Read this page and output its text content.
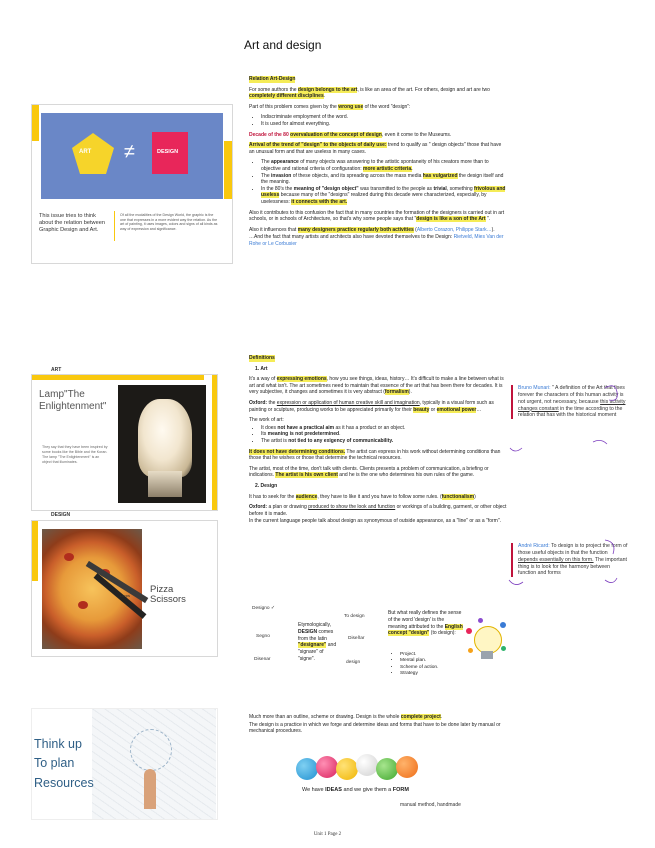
Art and design
ART ≠	DESIGN
This issue tries to think about the relation between Graphic Design and Art.
Of all the modalities of the Design World, the graphic is the one that expresses in a more evident way the relation. As the art of painting, it uses images, colors and signs of all kinds as way of expression and significance.

Relation Art-Design

For some authors the design belongs to the art, is like an area of the art. For others, design and art are two completely different disciplines.

Part of this problem comes given by the wrong use of the word "design":

• Indiscriminate employment of the word.
• It is used for almost everything.

Decade of the 80 overvaluation of the concept of design, even it come to the Museums.

Arrival of the trend of "design" to the objects of daily use: trend to qualify as " design objects" those that have an unusual form and that are useless in many cases.

• The appearance of many objects was answering to the artistic spontaneity of his creators more than to objective and rational criteria of configuration: more artistic criteria.
• The invasion of these objects, and its spreading across the mass media has vulgarized the design itself and the meaning.
• In the 80's the meaning of "design object" was transmitted to the people as trivial, something frivolous and useless because many of the "designs" realized during this decade were characterized, especially, by uselessness: it connects with the art.

Also it contributes to this confusion the fact that in many countries the formation of the designers is carried out in art schools, or in schools of Architecture, so that's why some people says that "design is like a son of the Art ".

Also it influences that many designers practice regularly both activities (Alberto Corazon, Philippe Stark…).

…And the fact that many artists and architects also have devoted themselves to the Design: Rietveld, Mies Van der Rohe or Le Corbusier

ART
Lamp"The Enlightenment"
They say that they have been inspired by some books like the Bible and the Koran. The lamp "The Enlightenment" is an object that illuminates.
DESIGN
Lerps
Pizza Scissors

Definitions

1. Art

It's a way of expressing emotions, how you see things, ideas, history… It's difficult to make a line between what is art and what isn't. The art sometimes need to maintain that essence of the art that has been there for decades. It is very subjective, it changes and sometimes it is very abstract (formalism).

Oxford: the expression or application of human creative skill and imagination, typically in a visual form such as painting or sculpture, producing works to be appreciated primarily for their beauty or emotional power…

The work of art:

• It does not have a practical aim as it has a product or an object.
• Its meaning is not predetermined.
• The artist is not tied to any exigency of communicability.

It does not have determining conditions. The artist can express in his work without determining conditions than those that he wishes or those that determine the technical resources.

The artist, most of the time, don't talk with clients. Clients presents a problem of communication, a briefing or indications. The artist is his own client and he is the one who determines his own rules of the game.

2. Design

It has to seek for the audience, they have to like it and you have to follow some rules. (functionalism)

Oxford: a plan or drawing produced to show the look and function or workings of a building, garment, or other object before it is made.

In the current language people talk about design as synonymous of outside appearance, as a "line" or as a "form".

Designo ✓
Segno
Disenar
Etymologically, DESIGN comes from the latin "designare" and "signare" of "signe".
To design
Diseñar
design
But what really defines the sense of the word 'design' is the meaning attributed to the English concept "design" (to design):
• Project.
• Mental plan.
• Scheme of action.
• Strategy

Much more than an outline, scheme or drawing. Design is the whole complete project.

The design is a practice in which we forge and determine ideas and forms that have to be done later by manual or mechanical procedures.

We have IDEAS and we give them a FORM
manual method, handmade
Think up
To plan
Resources
Bruno Munari: " A definition of the Art that fixes forever the characters of this human activity is not urgent, not necessary, because this activity changes constant in the time according to the relation that has with the historical moment
André Ricard: To design is to project the form of those useful objects in that the function depends essentially on this form. The important thing is to look for the harmony between function and forms
Unit 1 Page 2
